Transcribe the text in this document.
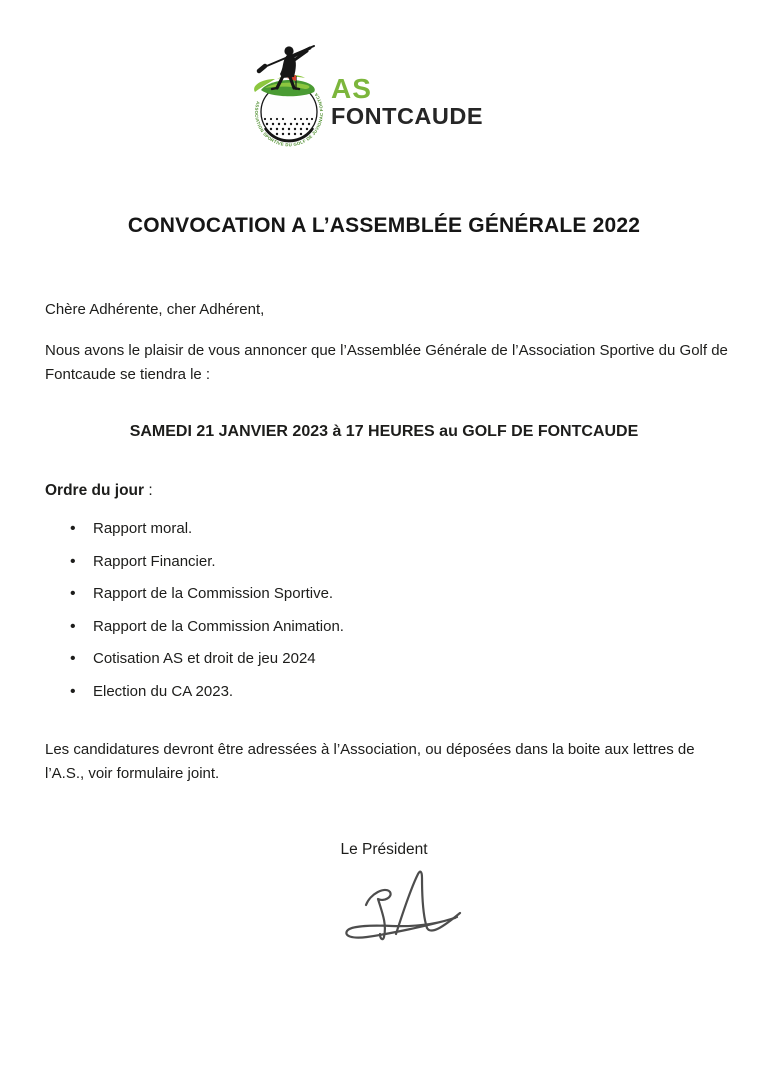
ASSOCIATION SPORTIVE DU GOLF DE JUVIGNAC FONTCAUDE
AS
FONTCAUDE
CONVOCATION A L’ASSEMBLÉE GÉNÉRALE 2022

Chère Adhérente, cher Adhérent,

Nous avons le plaisir de vous annoncer que l’Assemblée Générale de l’Association Sportive du Golf de Fontcaude se tiendra le :

SAMEDI 21 JANVIER 2023 à 17 HEURES au GOLF DE FONTCAUDE

Ordre du jour :

• Rapport moral.
• Rapport Financier.
• Rapport de la Commission Sportive.
• Rapport de la Commission Animation.
• Cotisation AS et droit de jeu 2024
• Election du CA 2023.

Les candidatures devront être adressées à l’Association, ou déposées dans la boite aux lettres de l’A.S., voir formulaire joint.

Le Président
